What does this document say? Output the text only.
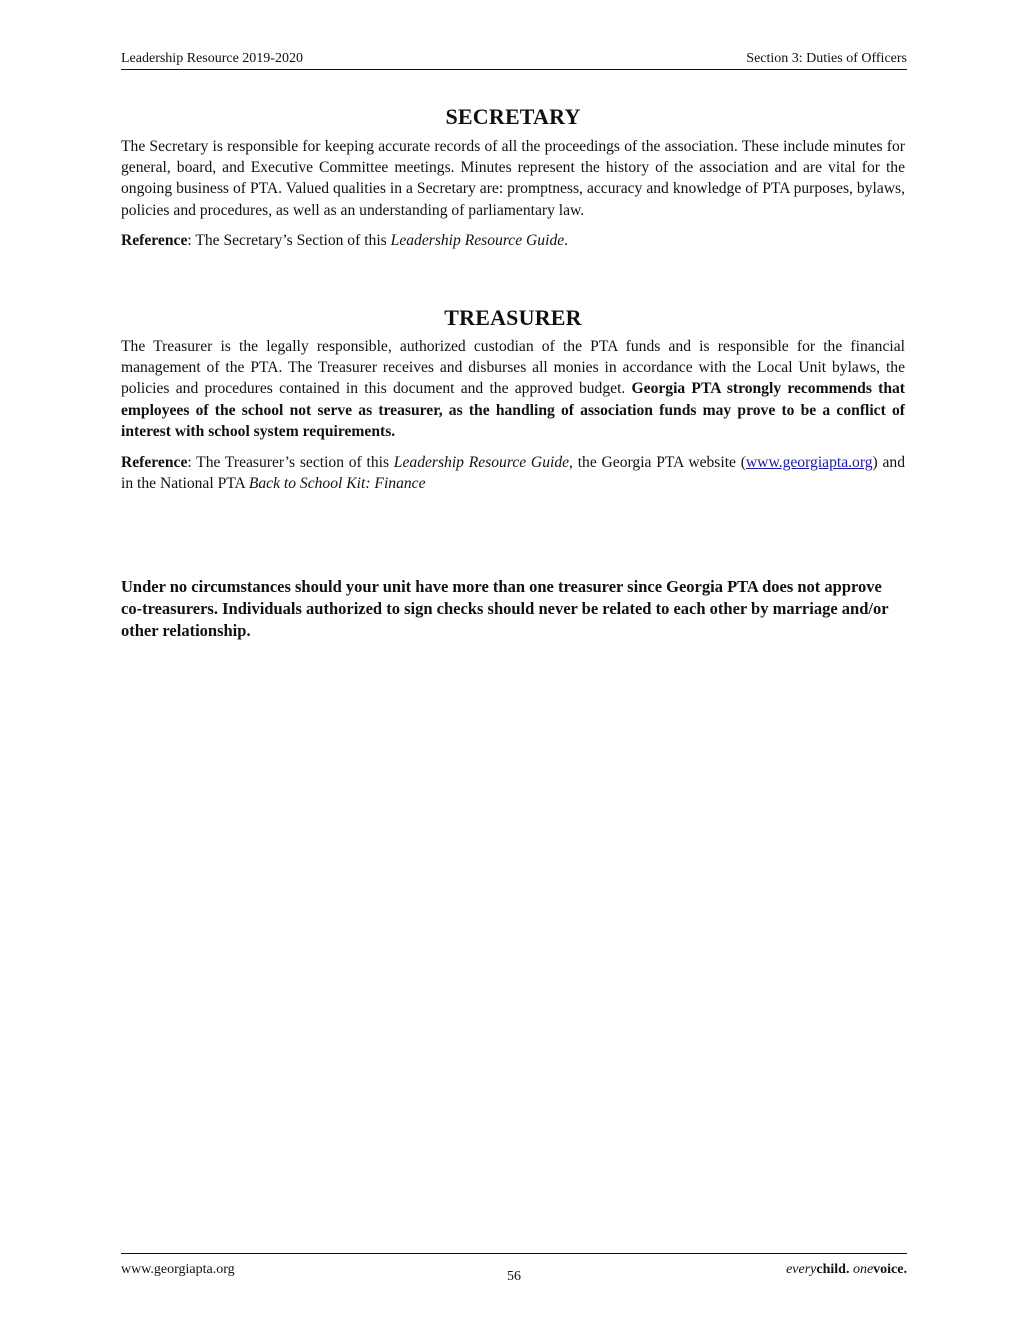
Leadership Resource 2019-2020	Section 3: Duties of Officers
SECRETARY

The Secretary is responsible for keeping accurate records of all the proceedings of the association. These include minutes for general, board, and Executive Committee meetings. Minutes represent the history of the association and are vital for the ongoing business of PTA. Valued qualities in a Secretary are: promptness, accuracy and knowledge of PTA purposes, bylaws, policies and procedures, as well as an understanding of parliamentary law.

Reference: The Secretary’s Section of this Leadership Resource Guide.

TREASURER

The Treasurer is the legally responsible, authorized custodian of the PTA funds and is responsible for the financial management of the PTA. The Treasurer receives and disburses all monies in accordance with the Local Unit bylaws, the policies and procedures contained in this document and the approved budget. Georgia PTA strongly recommends that employees of the school not serve as treasurer, as the handling of association funds may prove to be a conflict of interest with school system requirements.

Reference: The Treasurer’s section of this Leadership Resource Guide, the Georgia PTA website (www.georgiapta.org) and in the National PTA Back to School Kit: Finance

Under no circumstances should your unit have more than one treasurer since Georgia PTA does not approve co-treasurers. Individuals authorized to sign checks should never be related to each other by marriage and/or other relationship.

www.georgiapta.org	56	everychild. onevoice.
